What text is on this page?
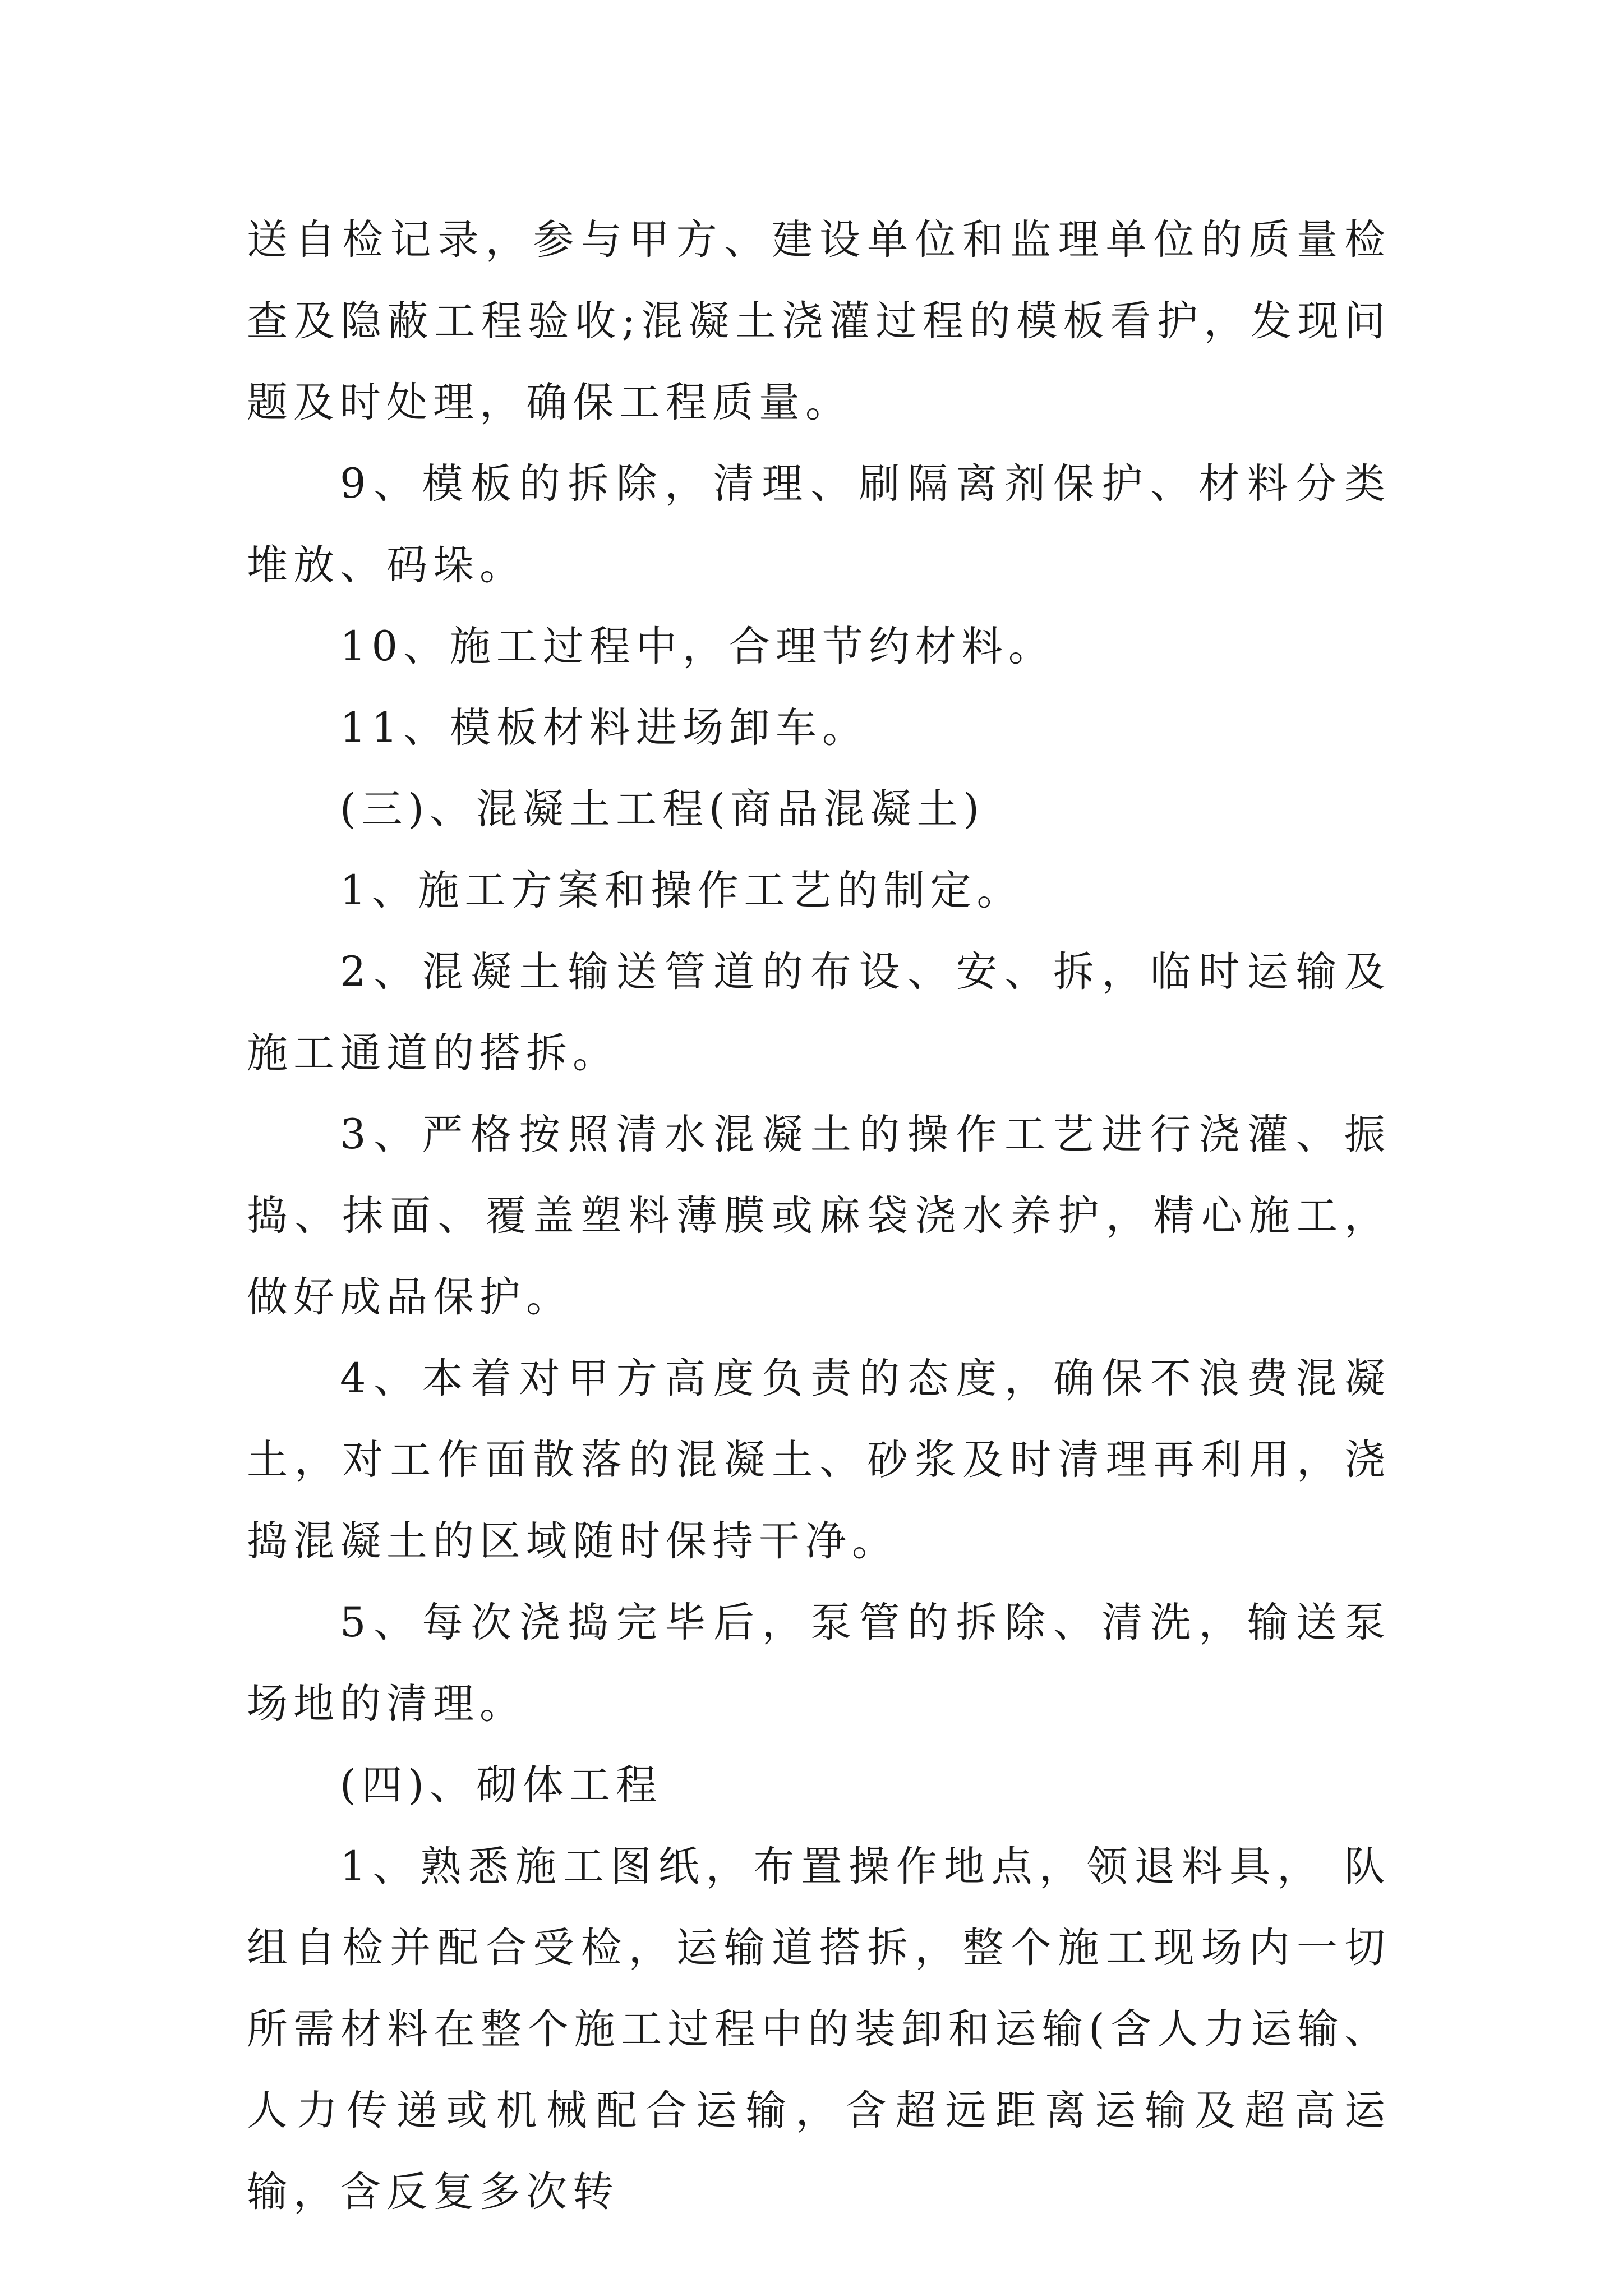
送自检记录，参与甲方、建设单位和监理单位的质量检查及隐蔽工程验收;混凝土浇灌过程的模板看护，发现问题及时处理，确保工程质量。

9、模板的拆除，清理、刷隔离剂保护、材料分类堆放、码垛。

10、施工过程中，合理节约材料。

11、模板材料进场卸车。

(三)、混凝土工程(商品混凝土)

1、施工方案和操作工艺的制定。

2、混凝土输送管道的布设、安、拆，临时运输及施工通道的搭拆。

3、严格按照清水混凝土的操作工艺进行浇灌、振捣、抹面、覆盖塑料薄膜或麻袋浇水养护，精心施工，做好成品保护。

4、本着对甲方高度负责的态度，确保不浪费混凝土，对工作面散落的混凝土、砂浆及时清理再利用，浇捣混凝土的区域随时保持干净。

5、每次浇捣完毕后，泵管的拆除、清洗，输送泵场地的清理。

(四)、砌体工程

1、熟悉施工图纸，布置操作地点，领退料具， 队组自检并配合受检，运输道搭拆，整个施工现场内一切所需材料在整个施工过程中的装卸和运输(含人力运输、人力传递或机械配合运输，含超远距离运输及超高运输，含反复多次转
